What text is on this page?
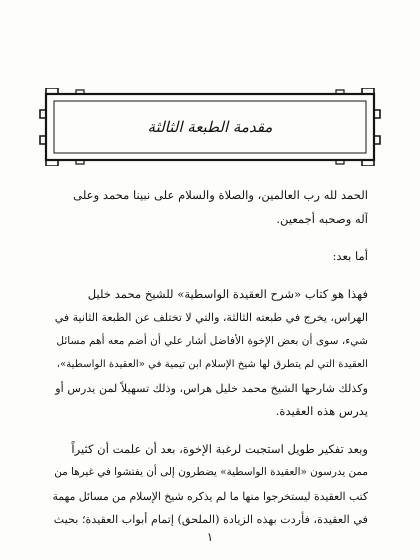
مقدمة الطبعة الثالثة

الحمد لله رب العالمين، والصلاة والسلام على نبينا محمد وعلى
آله وصحبه أجمعين.

أما بعد:

فهذا هو كتاب «شرح العقيدة الواسطية» للشيخ محمد خليل
الهراس، يخرج في طبعته الثالثة، والتي لا تختلف عن الطبعة الثانية في
شيء، سوى أن بعض الإخوة الأفاضل أشار علي أن أضم معه أهم مسائل
العقيدة التي لم يتطرق لها شيخ الإسلام ابن تيمية في «العقيدة الواسطية»،
وكذلك شارحها الشيخ محمد خليل هراس، وذلك تسهيلاً لمن يدرس أو
يدرس هذه العقيدة.

وبعد تفكير طويل استجبت لرغبة الإخوة، بعد أن علمت أن كثيراً
ممن يدرسون «العقيدة الواسطية» يضطرون إلى أن يفتشوا في غيرها من
كتب العقيدة ليستخرجوا منها ما لم يذكره شيخ الإسلام من مسائل مهمة
في العقيدة، فأردت بهذه الزيادة (الملحق) إتمام أبواب العقيدة؛ بحيث

١
